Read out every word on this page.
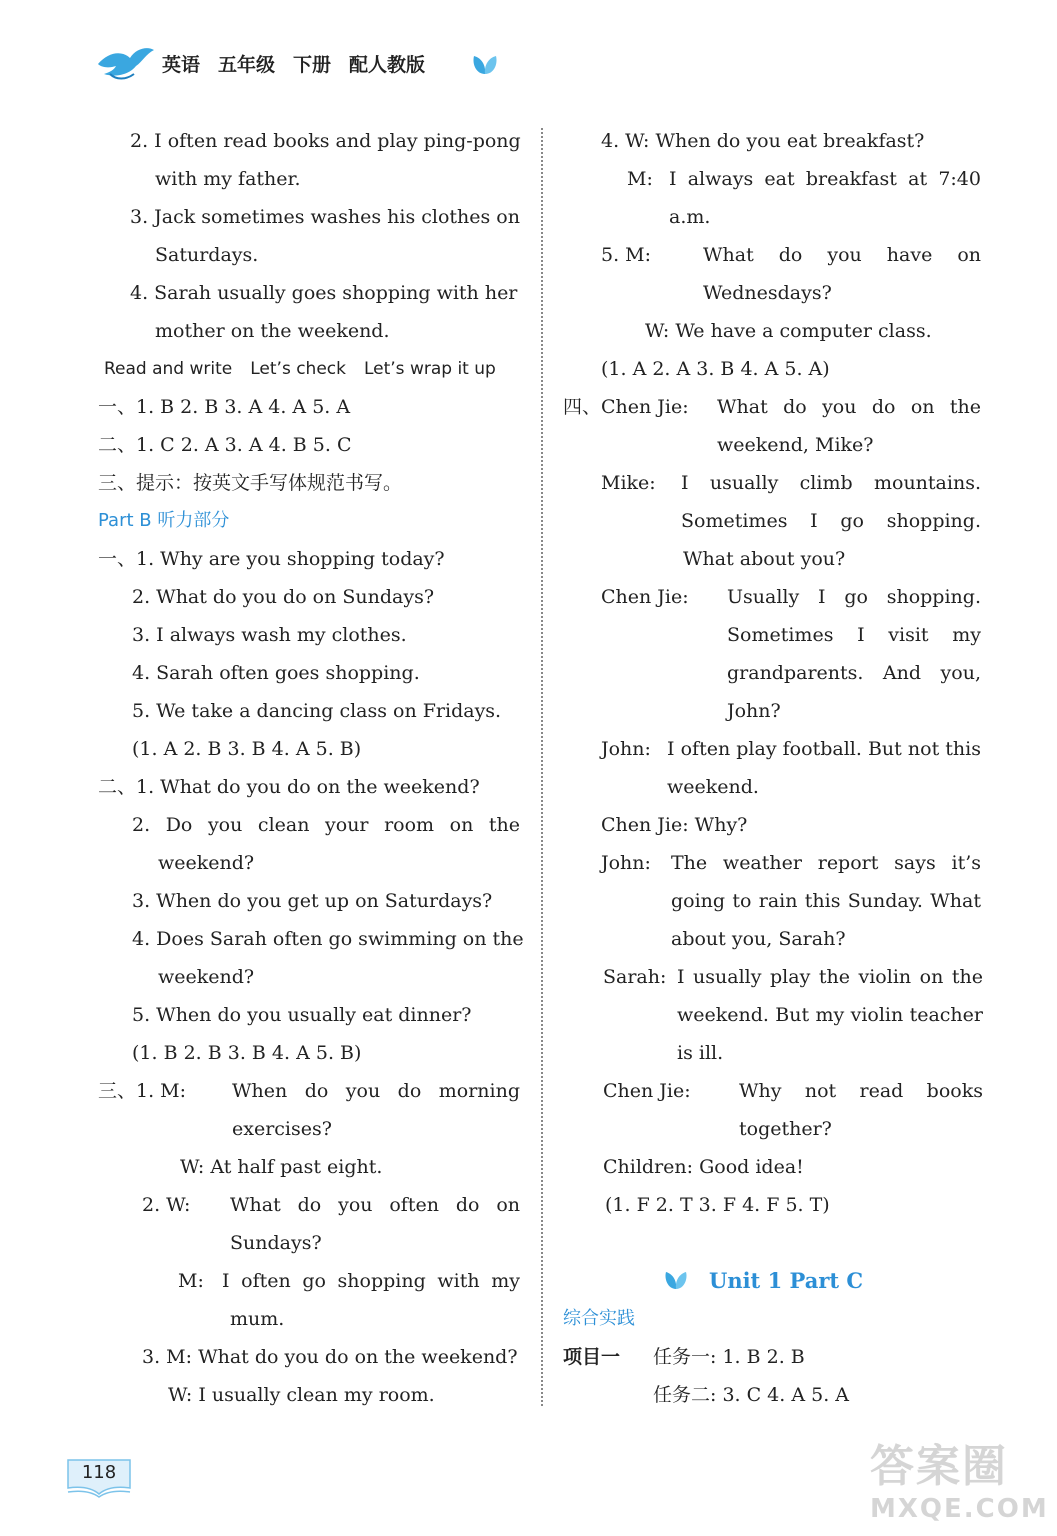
英语 五年级 下册 配人教版
2. I often read books and play ping-pong
with my father.
3. Jack sometimes washes his clothes on
Saturdays.
4. Sarah usually goes shopping with her
mother on the weekend.
Read and write Let’s check Let’s wrap it up
一、1. B 2. B 3. A 4. A 5. A
二、1. C 2. A 3. A 4. B 5. C
三、提示：按英文手写体规范书写。
Part B 听力部分
一、1. Why are you shopping today?
2. What do you do on Sundays?
3. I always wash my clothes.
4. Sarah often goes shopping.
5. We take a dancing class on Fridays.
(1. A 2. B 3. B 4. A 5. B)
二、1. What do you do on the weekend?
2. Do you clean your room on the
weekend?
3. When do you get up on Saturdays?
4. Does Sarah often go swimming on the
weekend?
5. When do you usually eat dinner?
(1. B 2. B 3. B 4. A 5. B)
三、1. M: When do you do morning
exercises?
W: At half past eight.
2. W: What do you often do on
Sundays?
M: I often go shopping with my
mum.
3. M: What do you do on the weekend?
W: I usually clean my room.
4. W: When do you eat breakfast?
M: I always eat breakfast at 7:40
a.m.
5. M:	What do you have on
Wednesdays?
W: We have a computer class.
(1. A 2. A 3. B 4. A 5. A)
四、Chen Jie: What do you do on the
weekend, Mike?
Mike: I usually climb mountains.
Sometimes I go shopping.
What about you?
Chen Jie: Usually I go shopping.
Sometimes I visit my
grandparents. And you,
John?
John: I often play football. But not this
weekend.
Chen Jie: Why?
John: The weather report says it’s
going to rain this Sunday. What
about you, Sarah?
Sarah: I usually play the violin on the
weekend. But my violin teacher
is ill.
Chen Jie:	Why not read books
together?
Children: Good idea!
(1. F 2. T 3. F 4. F 5. T)
Unit 1 Part C
综合实践
项目一 任务一: 1. B 2. B
任务二: 3. C 4. A 5. A
118	答案圈
MXQE.COM
